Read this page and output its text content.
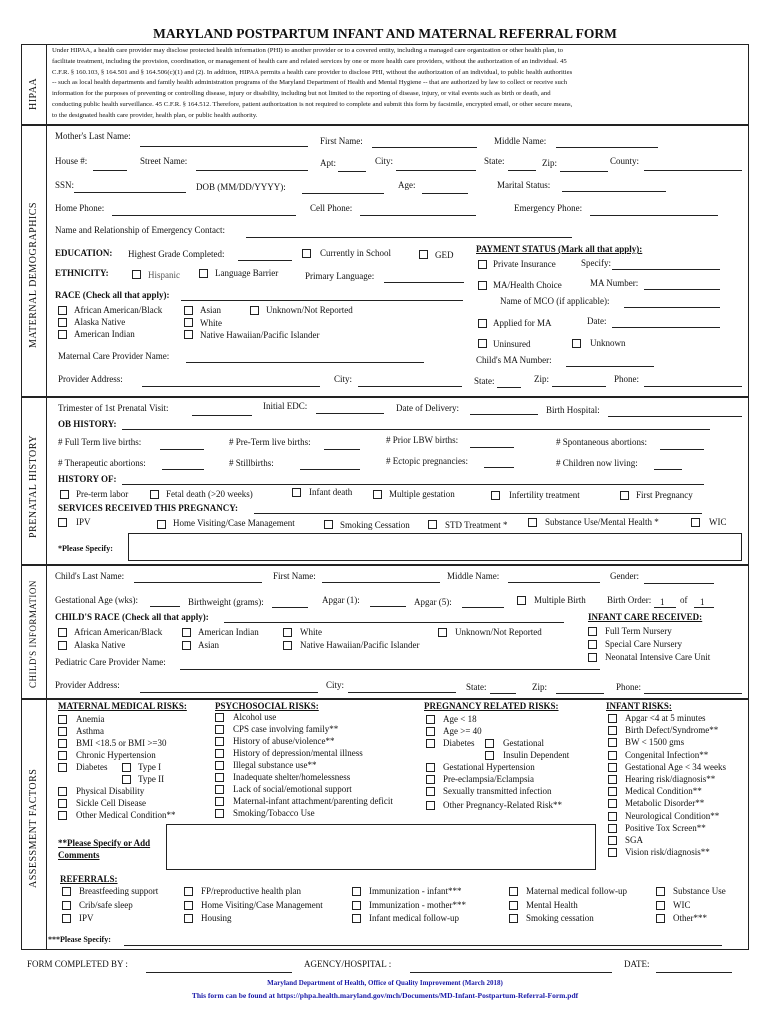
MARYLAND POSTPARTUM INFANT AND MATERNAL REFERRAL FORM
HIPAA
Under HIPAA, a health care provider may disclose protected health information (PHI) to another provider or to a covered entity, including a managed care organization or other health plan, to
facilitate treatment, including the provision, coordination, or management of health care and related services by one or more health care providers, without the authorization of an individual. 45
C.F.R. § 160.103, § 164.501 and § 164.506(c)(1) and (2). In addition, HIPAA permits a health care provider to disclose PHI, without the authorization of an individual, to public health authorities
-- such as local health departments and family health administration programs of the Maryland Department of Health and Mental Hygiene -- that are authorized by law to collect or receive such
information for the purposes of preventing or controlling disease, injury or disability, including but not limited to the reporting of disease, injury, or vital events such as birth or death, and
conducting public health surveillance. 45 C.F.R. § 164.512. Therefore, patient authorization is not required to complete and submit this form by facsimile, encrypted email, or other secure means,
to the designated health care provider, health plan, or public health authority.
MATERNAL DEMOGRAPHICS
Mother's Last Name:	First Name:	Middle Name:
House #:	Street Name:	Apt:	City:	State:	Zip:	County:
SSN:	DOB (MM/DD/YYYY):	Age:	Marital Status:
Home Phone:	Cell Phone:	Emergency Phone:
Name and Relationship of Emergency Contact:
EDUCATION: Highest Grade Completed:	Currently in School	GED
ETHNICITY:	Hispanic	Language Barrier	Primary Language:
RACE (Check all that apply):
African American/Black
Alaska Native
American Indian
Asian
White
Native Hawaiian/Pacific Islander
Unknown/Not Reported
PAYMENT STATUS (Mark all that apply):
Private Insurance	Specify:
MA/Health Choice	MA Number:
Name of MCO (if applicable):
Applied for MA	Date:
Uninsured	Unknown
Child's MA Number:
Maternal Care Provider Name:
Provider Address:	City:	State:	Zip:	Phone:
PRENATAL HISTORY
Trimester of 1st Prenatal Visit:	Initial EDC:	Date of Delivery:	Birth Hospital:
OB HISTORY:
# Full Term live births:	# Pre-Term live births:	# Prior LBW births:	# Spontaneous abortions:
# Therapeutic abortions:	# Stillbirths:	# Ectopic pregnancies:	# Children now living:
HISTORY OF:
Pre-term labor	Fetal death (>20 weeks)	Infant death	Multiple gestation	Infertility treatment	First Pregnancy
SERVICES RECEIVED THIS PREGNANCY:
IPV	Home Visiting/Case Management	Smoking Cessation	STD Treatment *	Substance Use/Mental Health *	WIC
*Please Specify:
CHILD'S INFORMATION
Child's Last Name:	First Name:	Middle Name:	Gender:
Gestational Age (wks):	Birthweight (grams):	Apgar (1):	Apgar (5):	Multiple Birth Birth Order: 1 of 1
CHILD'S RACE (Check all that apply):
African American/Black
Alaska Native
American Indian
Asian
White
Native Hawaiian/Pacific Islander
Unknown/Not Reported
INFANT CARE RECEIVED:
Full Term Nursery
Special Care Nursery
Neonatal Intensive Care Unit
Pediatric Care Provider Name:
Provider Address:	City:	State:	Zip:	Phone:
ASSESSMENT FACTORS
MATERNAL MEDICAL RISKS:
Anemia
Asthma
BMI <18.5 or BMI >=30
Chronic Hypertension
Diabetes	Type I
Type II
Physical Disability
Sickle Cell Disease
Other Medical Condition**
PSYCHOSOCIAL RISKS:
Alcohol use
CPS case involving family**
History of abuse/violence**
History of depression/mental illness
Illegal substance use**
Inadequate shelter/homelessness
Lack of social/emotional support
Maternal-infant attachment/parenting deficit
Smoking/Tobacco Use
PREGNANCY RELATED RISKS:
Age < 18
Age >= 40
Diabetes	Gestational
Insulin Dependent
Gestational Hypertension
Pre-eclampsia/Eclampsia
Sexually transmitted infection
Other Pregnancy-Related Risk**
INFANT RISKS:
Apgar <4 at 5 minutes
Birth Defect/Syndrome**
BW < 1500 gms
Congenital Infection**
Gestational Age < 34 weeks
Hearing risk/diagnosis**
Medical Condition**
Metabolic Disorder**
Neurological Condition**
Positive Tox Screen**
SGA
Vision risk/diagnosis**
**Please Specify or Add
Comments
REFERRALS:
Breastfeeding support
Crib/safe sleep
IPV
FP/reproductive health plan
Home Visiting/Case Management
Housing
Immunization - infant***
Immunization - mother***
Infant medical follow-up
Maternal medical follow-up
Mental Health
Smoking cessation
Substance Use
WIC
Other***
***Please Specify:
FORM COMPLETED BY :	AGENCY/HOSPITAL :	DATE:
Maryland Department of Health, Office of Quality Improvement (March 2018)
This form can be found at https://phpa.health.maryland.gov/mch/Documents/MD-Infant-Postpartum-Referral-Form.pdf
